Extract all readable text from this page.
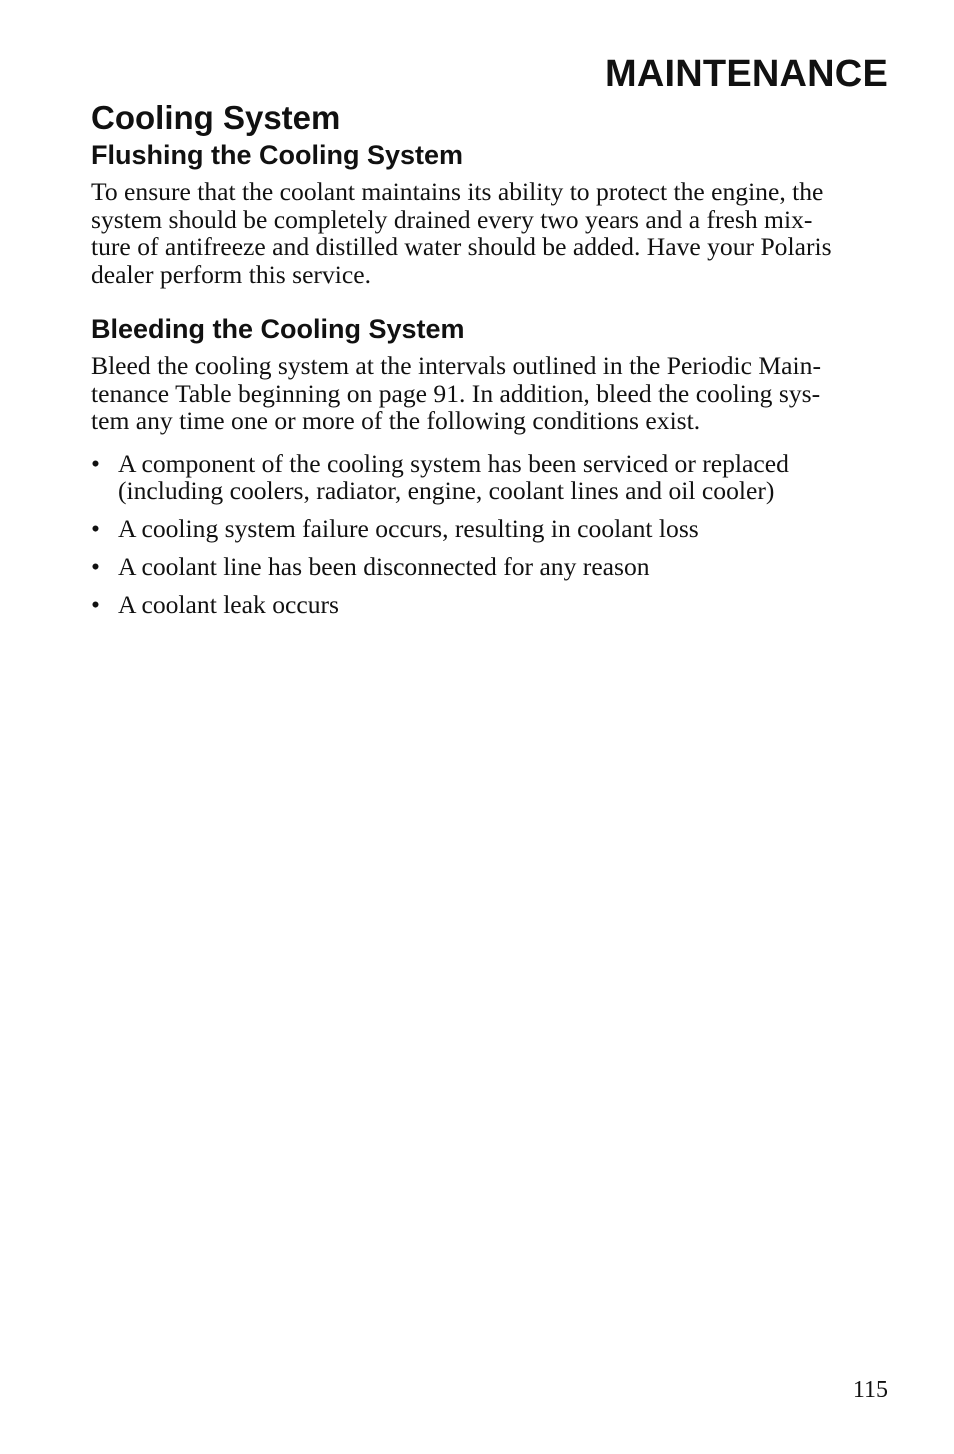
MAINTENANCE
Cooling System
Flushing the Cooling System

To ensure that the coolant maintains its ability to protect the engine, the
system should be completely drained every two years and a fresh mix-
ture of antifreeze and distilled water should be added. Have your Polaris
dealer perform this service.

Bleeding the Cooling System

Bleed the cooling system at the intervals outlined in the Periodic Main-
tenance Table beginning on page 91. In addition, bleed the cooling sys-
tem any time one or more of the following conditions exist.

• A component of the cooling system has been serviced or replaced
(including coolers, radiator, engine, coolant lines and oil cooler)
• A cooling system failure occurs, resulting in coolant loss
• A coolant line has been disconnected for any reason
• A coolant leak occurs
115
